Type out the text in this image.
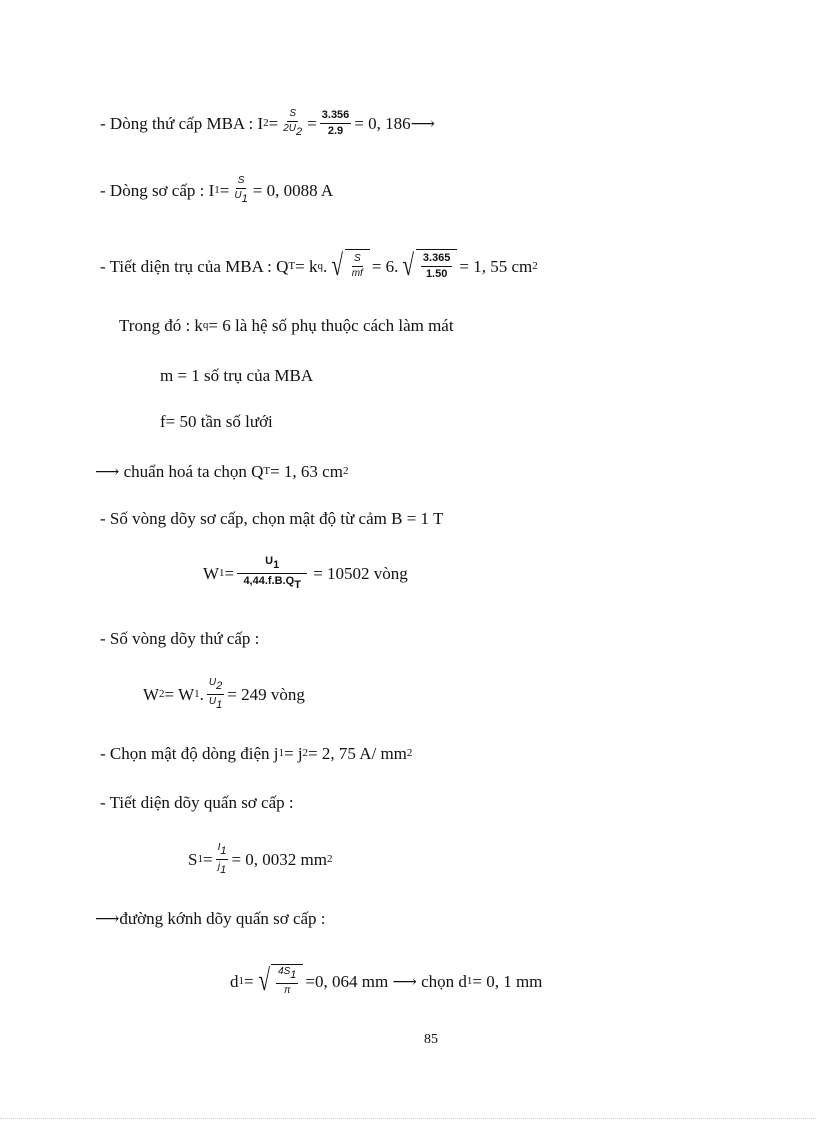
- Dòng thứ cấp MBA : I $2 = \frac{S}{2U_2} = \frac{3.356}{2.9} = 0$, 186⟶
- Dòng sơ cấp : I $1 = \frac{S}{U_1} = 0$, 0088 A
- Tiết diện trụ của MBA : Q T = k q . √ $\frac{S}{mf} = 6$. √ $\frac{3.365}{1.50} = 1$, 55 cm 2
Trong đó : k q = 6 là hệ số phụ thuộc cách làm mát
m = 1 số trụ của MBA
f= 50 tần số lưới
⟶ chuẩn hoá ta chọn Q T = 1, 63 cm 2
- Số vòng dõy sơ cấp, chọn mật độ từ cảm B = 1 T
W $1 = \frac{U_1}{4,44.f.B.Q_T} = 10502$ vòng
- Số vòng dõy thứ cấp :
W 2 = W 1 . $\frac{U_2}{U_1} = 249$ vòng
- Chọn mật độ dòng điện j 1 = j 2 = 2, 75 A/ mm 2
- Tiết diện dõy quấn sơ cấp :
S $1 = \frac{I_1}{j_1} = 0$, 0032 mm 2
⟶đường kớnh dõy quấn sơ cấp :
d 1 = √ $\frac{4S_1}{\pi} =0$, 064 mm ⟶ chọn d 1 = 0, 1 mm
85
